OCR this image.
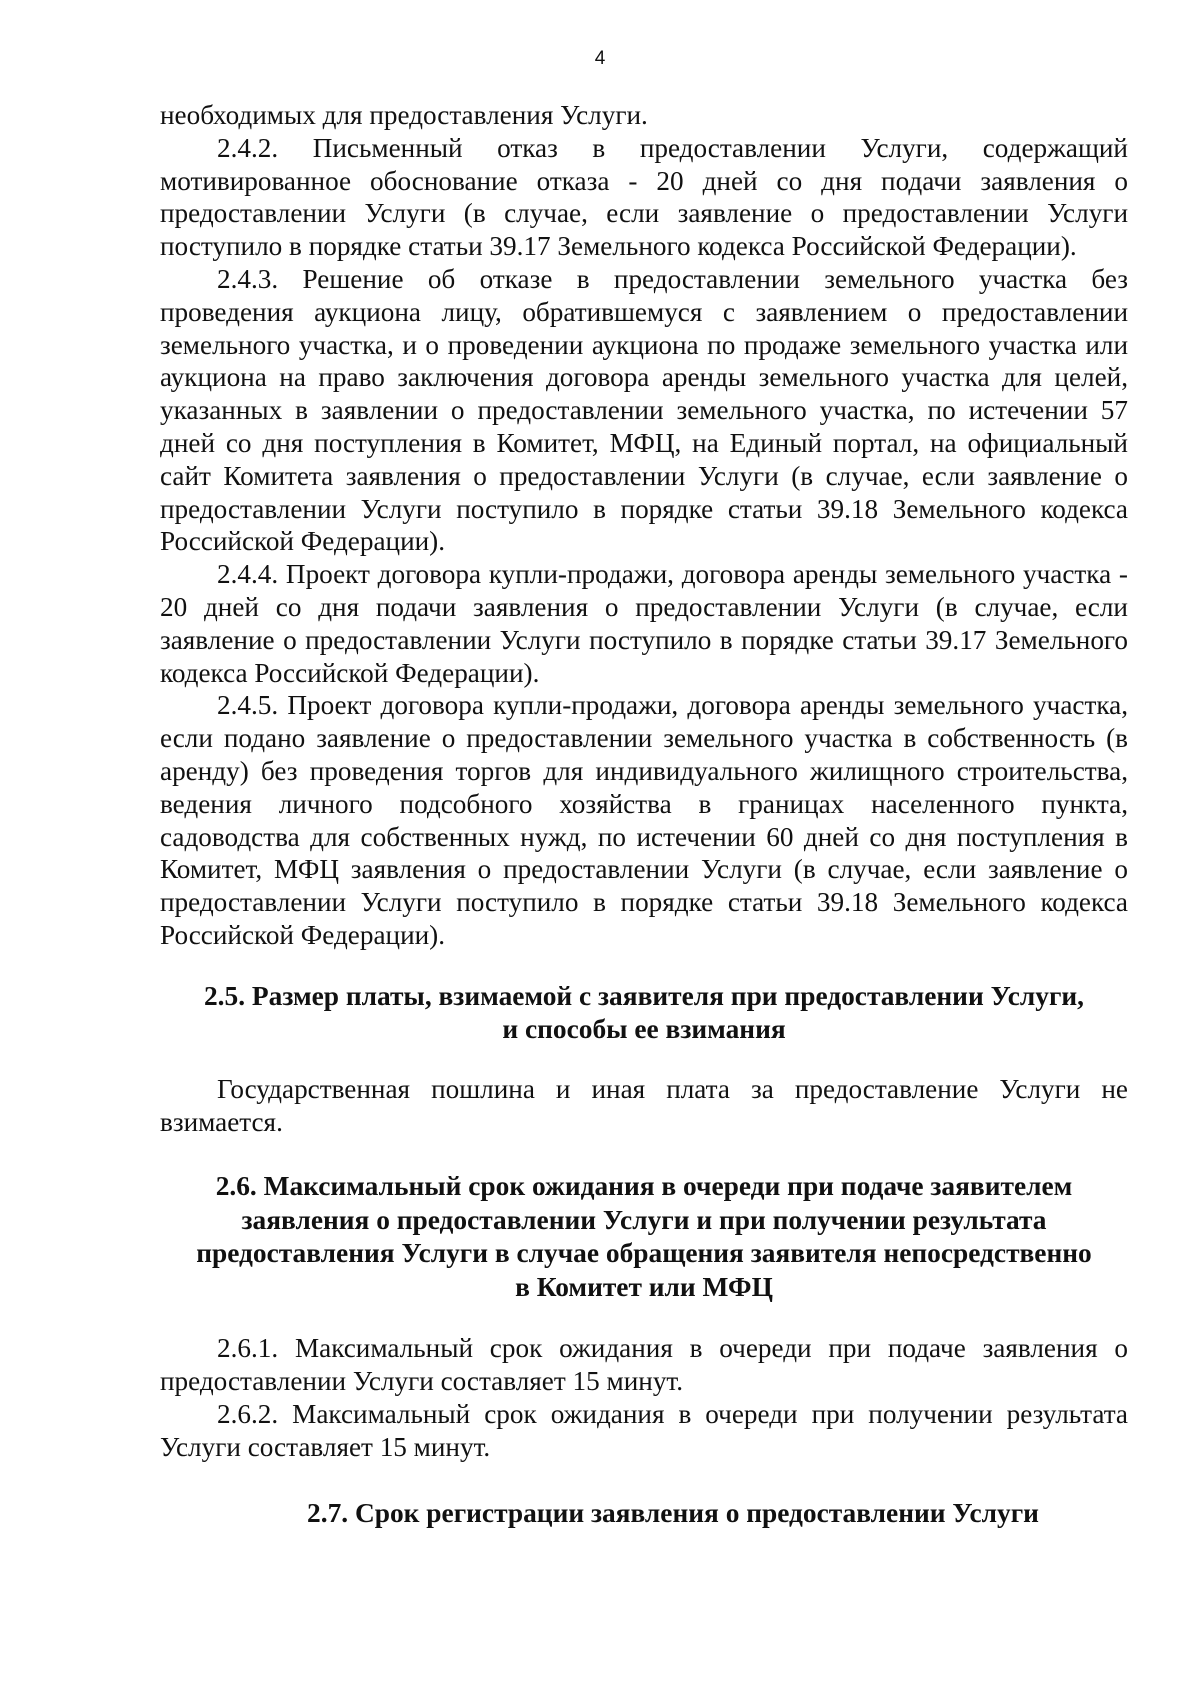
4

необходимых для предоставления Услуги.

2.4.2. Письменный отказ в предоставлении Услуги, содержащий мотивированное обоснование отказа - 20 дней со дня подачи заявления о предоставлении Услуги (в случае, если заявление о предоставлении Услуги поступило в порядке статьи 39.17 Земельного кодекса Российской Федерации).

2.4.3. Решение об отказе в предоставлении земельного участка без проведения аукциона лицу, обратившемуся с заявлением о предоставлении земельного участка, и о проведении аукциона по продаже земельного участка или аукциона на право заключения договора аренды земельного участка для целей, указанных в заявлении о предоставлении земельного участка, по истечении 57 дней со дня поступления в Комитет, МФЦ, на Единый портал, на официальный сайт Комитета заявления о предоставлении Услуги (в случае, если заявление о предоставлении Услуги поступило в порядке статьи 39.18 Земельного кодекса Российской Федерации).

2.4.4. Проект договора купли-продажи, договора аренды земельного участка - 20 дней со дня подачи заявления о предоставлении Услуги (в случае, если заявление о предоставлении Услуги поступило в порядке статьи 39.17 Земельного кодекса Российской Федерации).

2.4.5. Проект договора купли-продажи, договора аренды земельного участка, если подано заявление о предоставлении земельного участка в собственность (в аренду) без проведения торгов для индивидуального жилищного строительства, ведения личного подсобного хозяйства в границах населенного пункта, садоводства для собственных нужд, по истечении 60 дней со дня поступления в Комитет, МФЦ заявления о предоставлении Услуги (в случае, если заявление о предоставлении Услуги поступило в порядке статьи 39.18 Земельного кодекса Российской Федерации).

2.5. Размер платы, взимаемой с заявителя при предоставлении Услуги,
и способы ее взимания

Государственная пошлина и иная плата за предоставление Услуги не взимается.

2.6. Максимальный срок ожидания в очереди при подаче заявителем
заявления о предоставлении Услуги и при получении результата
предоставления Услуги в случае обращения заявителя непосредственно
в Комитет или МФЦ

2.6.1. Максимальный срок ожидания в очереди при подаче заявления о предоставлении Услуги составляет 15 минут.

2.6.2. Максимальный срок ожидания в очереди при получении результата Услуги составляет 15 минут.

2.7. Срок регистрации заявления о предоставлении Услуги
